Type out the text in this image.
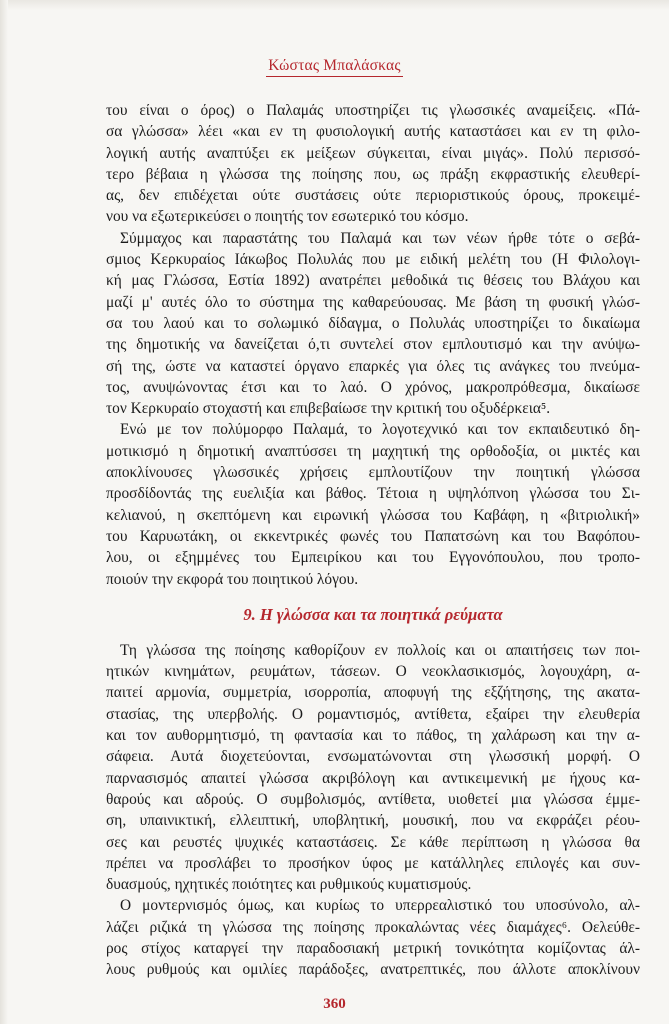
Κώστας Μπαλάσκας
του είναι ο όρος) ο Παλαμάς υποστηρίζει τις γλωσσικές αναμείξεις. «Πά-
σα γλώσσα» λέει «και εν τη φυσιολογική αυτής καταστάσει και εν τη φιλο-
λογική αυτής αναπτύξει εκ μείξεων σύγκειται, είναι μιγάς». Πολύ περισσό-
τερο βέβαια η γλώσσα της ποίησης που, ως πράξη εκφραστικής ελευθερί-
ας, δεν επιδέχεται ούτε συστάσεις ούτε περιοριστικούς όρους, προκειμέ-
νου να εξωτερικεύσει ο ποιητής τον εσωτερικό του κόσμο.
Σύμμαχος και παραστάτης του Παλαμά και των νέων ήρθε τότε ο σεβά-
σμιος Κερκυραίος Ιάκωβος Πολυλάς που με ειδική μελέτη του (Η Φιλολογι-
κή μας Γλώσσα, Εστία 1892) ανατρέπει μεθοδικά τις θέσεις του Βλάχου και
μαζί μ' αυτές όλο το σύστημα της καθαρεύουσας. Με βάση τη φυσική γλώσ-
σα του λαού και το σολωμικό δίδαγμα, ο Πολυλάς υποστηρίζει το δικαίωμα
της δημοτικής να δανείζεται ό,τι συντελεί στον εμπλουτισμό και την ανύψω-
σή της, ώστε να καταστεί όργανο επαρκές για όλες τις ανάγκες του πνεύμα-
τος, ανυψώνοντας έτσι και το λαό. Ο χρόνος, μακροπρόθεσμα, δικαίωσε
τον Κερκυραίο στοχαστή και επιβεβαίωσε την κριτική του οξυδέρκεια⁵.
Ενώ με τον πολύμορφο Παλαμά, το λογοτεχνικό και τον εκπαιδευτικό δη-
μοτικισμό η δημοτική αναπτύσσει τη μαχητική της ορθοδοξία, οι μικτές και
αποκλίνουσες γλωσσικές χρήσεις εμπλουτίζουν την ποιητική γλώσσα
προσδίδοντάς της ευελιξία και βάθος. Τέτοια η υψηλόπνοη γλώσσα του Σι-
κελιανού, η σκεπτόμενη και ειρωνική γλώσσα του Καβάφη, η «βιτριολική»
του Καρυωτάκη, οι εκκεντρικές φωνές του Παπατσώνη και του Βαφόπου-
λου, οι εξημμένες του Εμπειρίκου και του Εγγονόπουλου, που τροπο-
ποιούν την εκφορά του ποιητικού λόγου.
9. Η γλώσσα και τα ποιητικά ρεύματα
Τη γλώσσα της ποίησης καθορίζουν εν πολλοίς και οι απαιτήσεις των ποι-
ητικών κινημάτων, ρευμάτων, τάσεων. Ο νεοκλασικισμός, λογουχάρη, α-
παιτεί αρμονία, συμμετρία, ισορροπία, αποφυγή της εξζήτησης, της ακατα-
στασίας, της υπερβολής. Ο ρομαντισμός, αντίθετα, εξαίρει την ελευθερία
και τον αυθορμητισμό, τη φαντασία και το πάθος, τη χαλάρωση και την α-
σάφεια. Αυτά διοχετεύονται, ενσωματώνονται στη γλωσσική μορφή. Ο
παρνασισμός απαιτεί γλώσσα ακριβόλογη και αντικειμενική με ήχους κα-
θαρούς και αδρούς. Ο συμβολισμός, αντίθετα, υιοθετεί μια γλώσσα έμμε-
ση, υπαινικτική, ελλειπτική, υποβλητική, μουσική, που να εκφράζει ρέου-
σες και ρευστές ψυχικές καταστάσεις. Σε κάθε περίπτωση η γλώσσα θα
πρέπει να προσλάβει το προσήκον ύφος με κατάλληλες επιλογές και συν-
δυασμούς, ηχητικές ποιότητες και ρυθμικούς κυματισμούς.
Ο μοντερνισμός όμως, και κυρίως το υπερρεαλιστικό του υποσύνολο, αλ-
λάζει ριζικά τη γλώσσα της ποίησης προκαλώντας νέες διαμάχες⁶. Οελεύθε-
ρος στίχος καταργεί την παραδοσιακή μετρική τονικότητα κομίζοντας άλ-
λους ρυθμούς και ομιλίες παράδοξες, ανατρεπτικές, που άλλοτε αποκλίνουν
360
